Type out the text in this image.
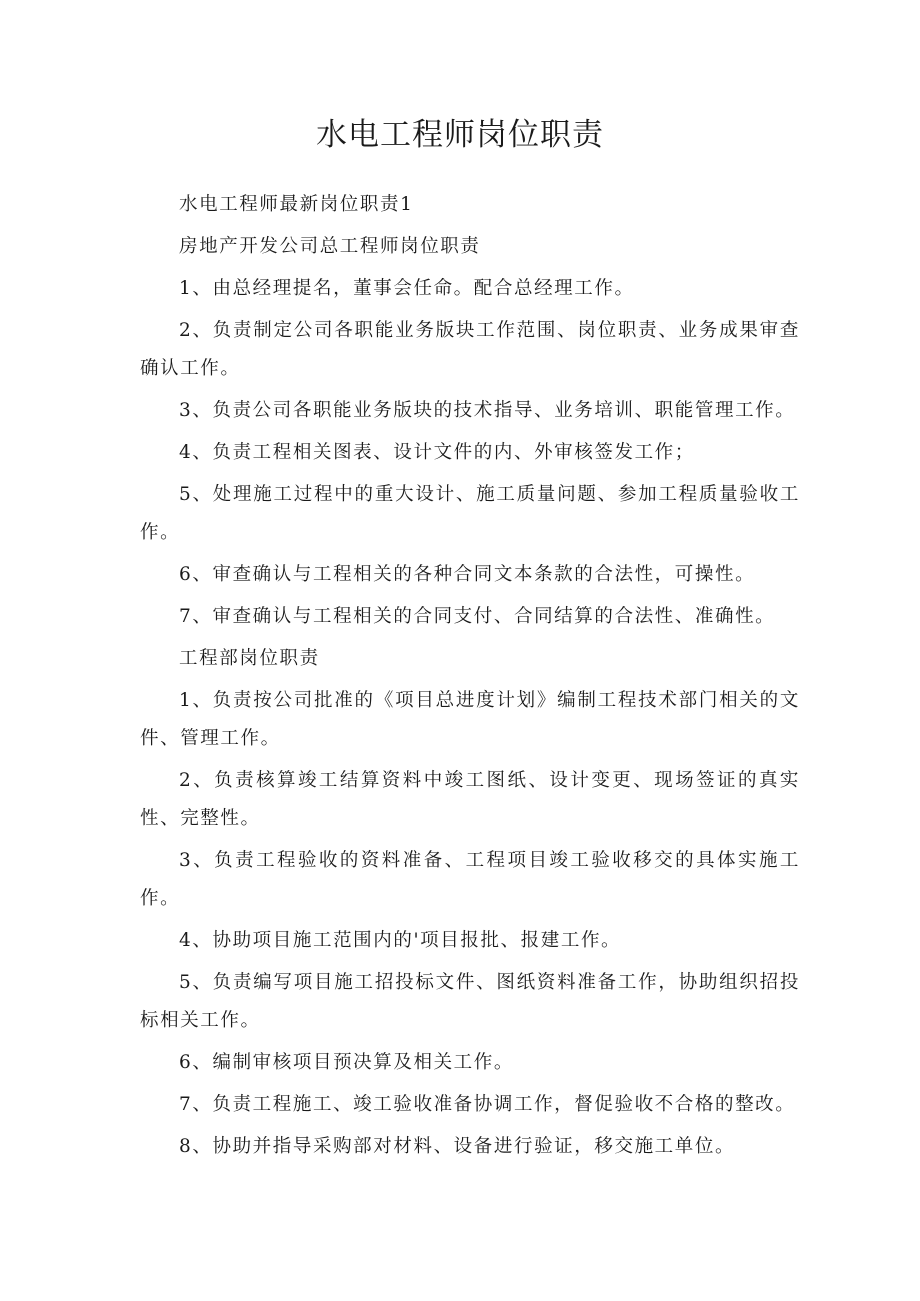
水电工程师岗位职责

水电工程师最新岗位职责1

房地产开发公司总工程师岗位职责

1、由总经理提名，董事会任命。配合总经理工作。

2、负责制定公司各职能业务版块工作范围、岗位职责、业务成果审查确认工作。

3、负责公司各职能业务版块的技术指导、业务培训、职能管理工作。

4、负责工程相关图表、设计文件的内、外审核签发工作；

5、处理施工过程中的重大设计、施工质量问题、参加工程质量验收工作。

6、审查确认与工程相关的各种合同文本条款的合法性，可操性。

7、审查确认与工程相关的合同支付、合同结算的合法性、准确性。

工程部岗位职责

1、负责按公司批准的《项目总进度计划》编制工程技术部门相关的文件、管理工作。

2、负责核算竣工结算资料中竣工图纸、设计变更、现场签证的真实性、完整性。

3、负责工程验收的资料准备、工程项目竣工验收移交的具体实施工作。

4、协助项目施工范围内的'项目报批、报建工作。

5、负责编写项目施工招投标文件、图纸资料准备工作，协助组织招投标相关工作。

6、编制审核项目预决算及相关工作。

7、负责工程施工、竣工验收准备协调工作，督促验收不合格的整改。

8、协助并指导采购部对材料、设备进行验证，移交施工单位。
